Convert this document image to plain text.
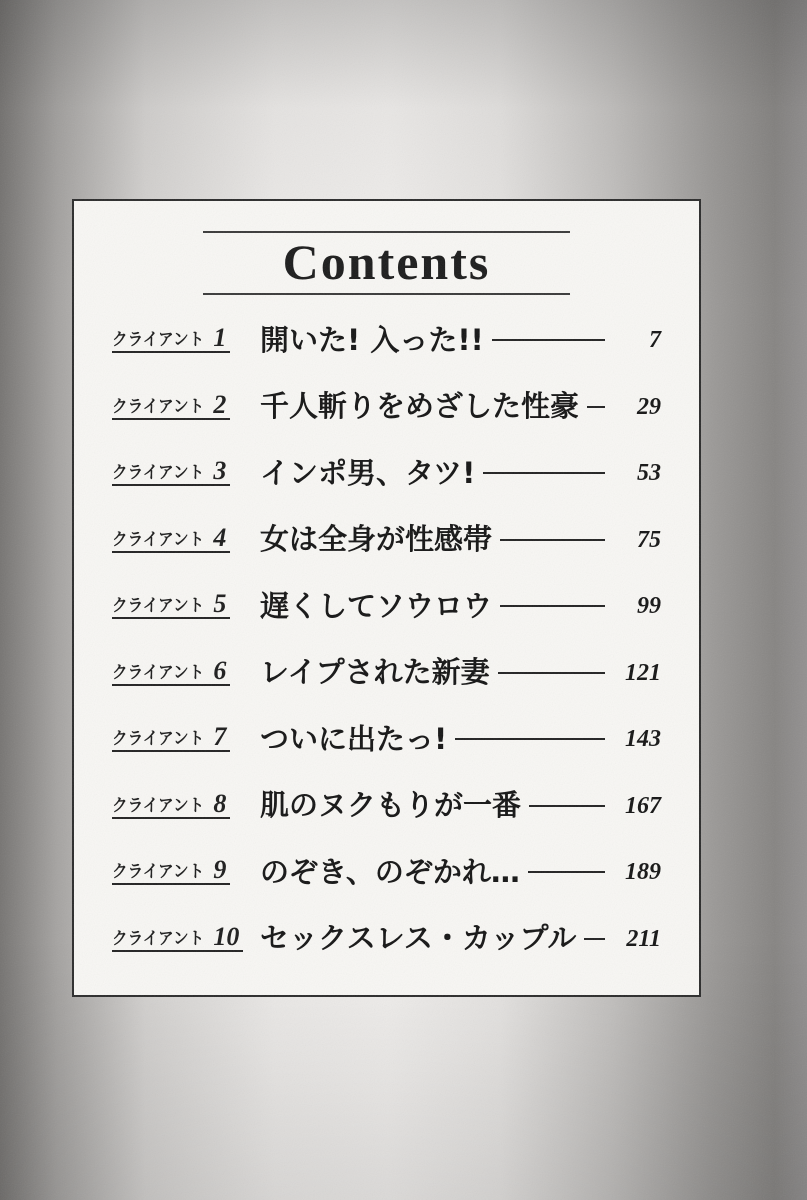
Contents
クライアント 1 開いた! 入った!!	7
クライアント 2 千人斬りをめざした性豪	29
クライアント 3 インポ男、タツ!	53
クライアント 4 女は全身が性感帯	75
クライアント 5 遅くしてソウロウ	99
クライアント 6 レイプされた新妻	121
クライアント 7 ついに出たっ!	143
クライアント 8 肌のヌクもりが一番	167
クライアント 9 のぞき、のぞかれ…	189
クライアント 10 セックスレス・カップル	211
